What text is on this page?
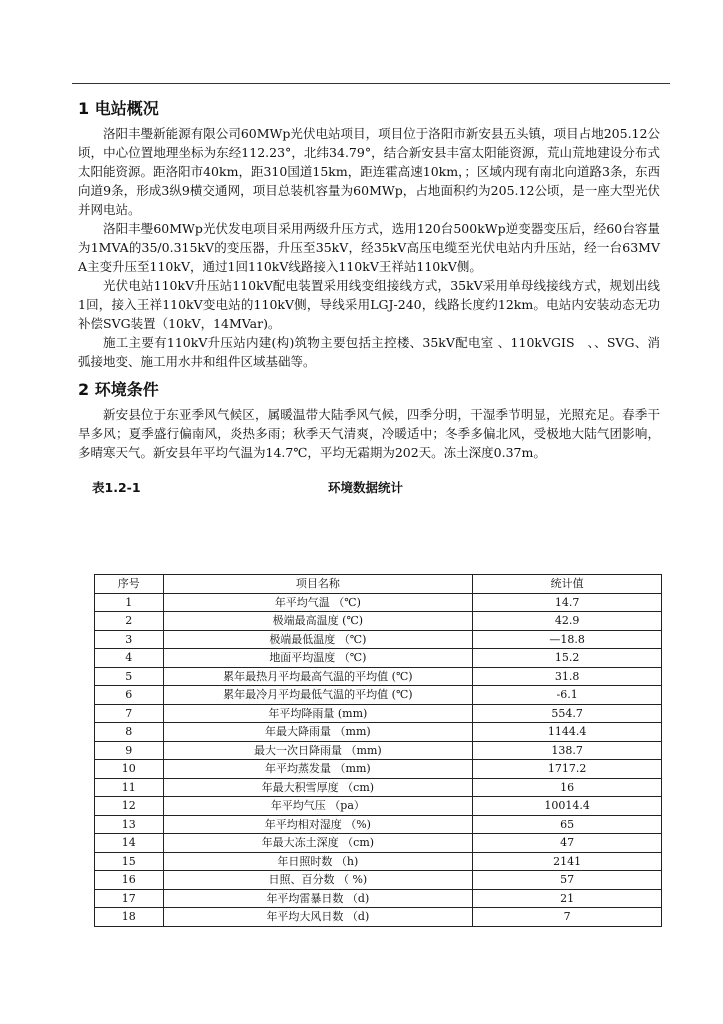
1 电站概况

洛阳丰璺新能源有限公司60MWp光伏电站项目，项目位于洛阳市新安县五头镇，项目占地205.12公顷，中心位置地理坐标为东经112.23°，北纬34.79°，结合新安县丰富太阳能资源，荒山荒地建设分布式太阳能资源。距洛阳市40km，距310国道15km，距连霍高速10km，；区域内现有南北向道路3条，东西向道9条，形成3纵9横交通网，项目总装机容量为60MWp，占地面积约为205.12公顷，是一座大型光伏并网电站。

洛阳丰璺60MWp光伏发电项目采用两级升压方式，选用120台500kWp逆变器变压后，经60台容量为1MVA的35/0.315kV的变压器，升压至35kV，经35kV高压电缆至光伏电站内升压站，经一台63MVA主变升压至110kV，通过1回110kV线路接入110kV王祥站110kV侧。

光伏电站110kV升压站110kV配电装置采用线变组接线方式，35kV采用单母线接线方式，规划出线1回，接入王祥110kV变电站的110kV侧，导线采用LGJ-240，线路长度约12km。电站内安装动态无功补偿SVG装置（10kV，14MVar)。

施工主要有110kV升压站内建(构)筑物主要包括主控楼、35kV配电室 、110kVGIS　、、SVG、消弧接地变、施工用水井和组件区域基础等。

2 环境条件

新安县位于东亚季风气候区，属暖温带大陆季风气候，四季分明，干湿季节明显，光照充足。春季干旱多风；夏季盛行偏南风，炎热多雨；秋季天气清爽，冷暖适中；冬季多偏北风，受极地大陆气团影响，多晴寒天气。新安县年平均气温为14.7℃，平均无霜期为202天。冻土深度0.37m。

表1.2-1	环境数据统计
序号	项目名称	统计值
1	年平均气温 （℃)	14.7
2	极端最高温度 (℃)	42.9
3	极端最低温度 （℃)	—18.8
4	地面平均温度 （℃)	15.2
5	累年最热月平均最高气温的平均值 (℃)	31.8
6	累年最冷月平均最低气温的平均值 (℃)	-6.1
7	年平均降雨量 (mm)	554.7
8	年最大降雨量 （mm)	1144.4
9	最大一次日降雨量 （mm)	138.7
10	年平均蒸发量 （mm)	1717.2
11	年最大积雪厚度 （cm)	16
12	年平均气压 （pa）	10014.4
13	年平均相对湿度 （%)	65
14	年最大冻土深度 （cm)	47
15	年日照时数 （h)	2141
16	日照、百分数 （ %)	57
17	年平均雷暴日数 （d)	21
18	年平均大风日数 （d)	7
